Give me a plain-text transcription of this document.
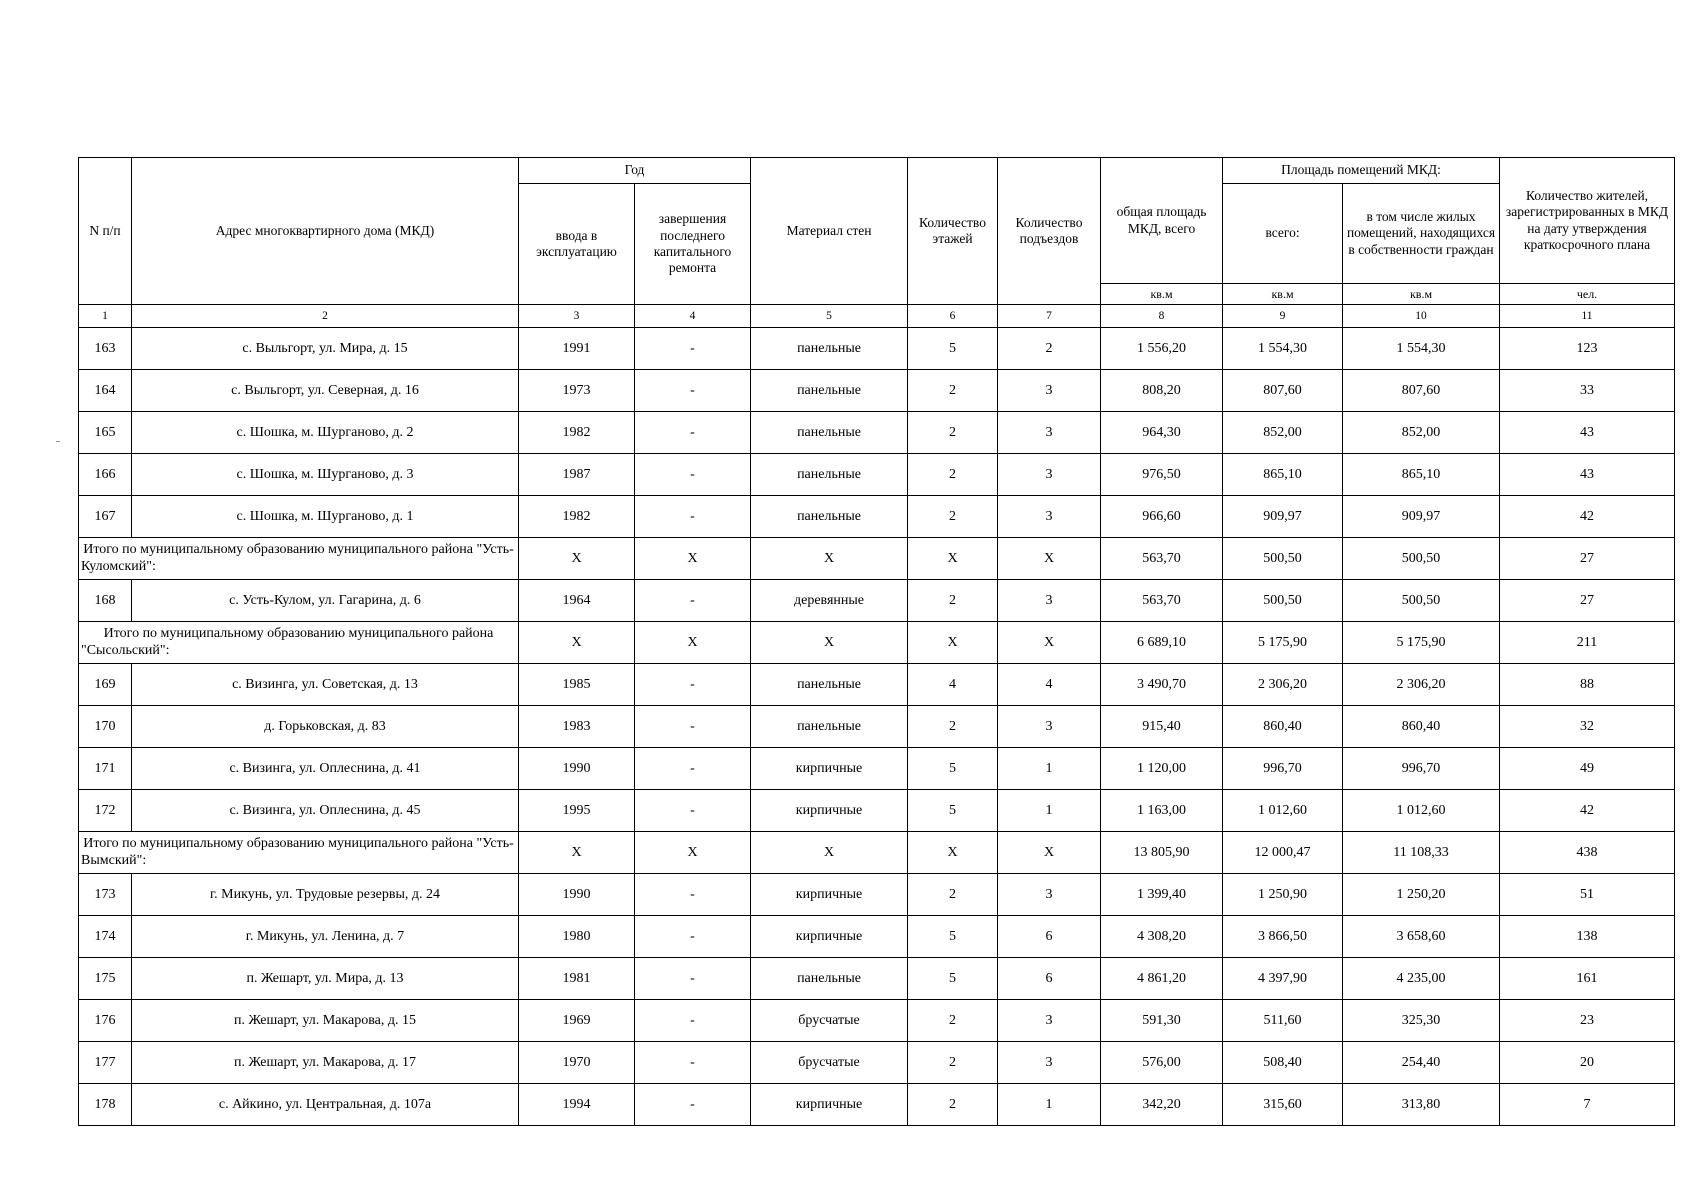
N п/п	Адрес многоквартирного дома (МКД)	Год		Материал стен	Количество этажей	Количество подъездов	общая площадь МКД, всего	Площадь помещений МКД:		Количество жителей, зарегистрированных в МКД на дату утверждения краткосрочного плана
		ввода в эксплуатацию	завершения последнего капитального ремонта					всего:	в том числе жилых помещений, находящихся в собственности граждан	
							кв.м	кв.м	кв.м	чел.
1	2	3	4	5	6	7	8	9	10	11
163	с. Выльгорт, ул. Мира, д. 15	1991	-	панельные	5	2	1 556,20	1 554,30	1 554,30	123
164	с. Выльгорт, ул. Северная, д. 16	1973	-	панельные	2	3	808,20	807,60	807,60	33
165	с. Шошка, м. Шурганово, д. 2	1982	-	панельные	2	3	964,30	852,00	852,00	43
166	с. Шошка, м. Шурганово, д. 3	1987	-	панельные	2	3	976,50	865,10	865,10	43
167	с. Шошка, м. Шурганово, д. 1	1982	-	панельные	2	3	966,60	909,97	909,97	42
Итого по муниципальному образованию муниципального района "Усть-Куломский":		X	X	X	X	X	563,70	500,50	500,50	27
168	с. Усть-Кулом, ул. Гагарина, д. 6	1964	-	деревянные	2	3	563,70	500,50	500,50	27
Итого по муниципальному образованию муниципального района "Сысольский":		X	X	X	X	X	6 689,10	5 175,90	5 175,90	211
169	с. Визинга, ул. Советская, д. 13	1985	-	панельные	4	4	3 490,70	2 306,20	2 306,20	88
170	д. Горьковская, д. 83	1983	-	панельные	2	3	915,40	860,40	860,40	32
171	с. Визинга, ул. Оплеснина, д. 41	1990	-	кирпичные	5	1	1 120,00	996,70	996,70	49
172	с. Визинга, ул. Оплеснина, д. 45	1995	-	кирпичные	5	1	1 163,00	1 012,60	1 012,60	42
Итого по муниципальному образованию муниципального района "Усть-Вымский":		X	X	X	X	X	13 805,90	12 000,47	11 108,33	438
173	г. Микунь, ул. Трудовые резервы, д. 24	1990	-	кирпичные	2	3	1 399,40	1 250,90	1 250,20	51
174	г. Микунь, ул. Ленина, д. 7	1980	-	кирпичные	5	6	4 308,20	3 866,50	3 658,60	138
175	п. Жешарт, ул. Мира, д. 13	1981	-	панельные	5	6	4 861,20	4 397,90	4 235,00	161
176	п. Жешарт, ул. Макарова, д. 15	1969	-	брусчатые	2	3	591,30	511,60	325,30	23
177	п. Жешарт, ул. Макарова, д. 17	1970	-	брусчатые	2	3	576,00	508,40	254,40	20
178	с. Айкино, ул. Центральная, д. 107а	1994	-	кирпичные	2	1	342,20	315,60	313,80	7
